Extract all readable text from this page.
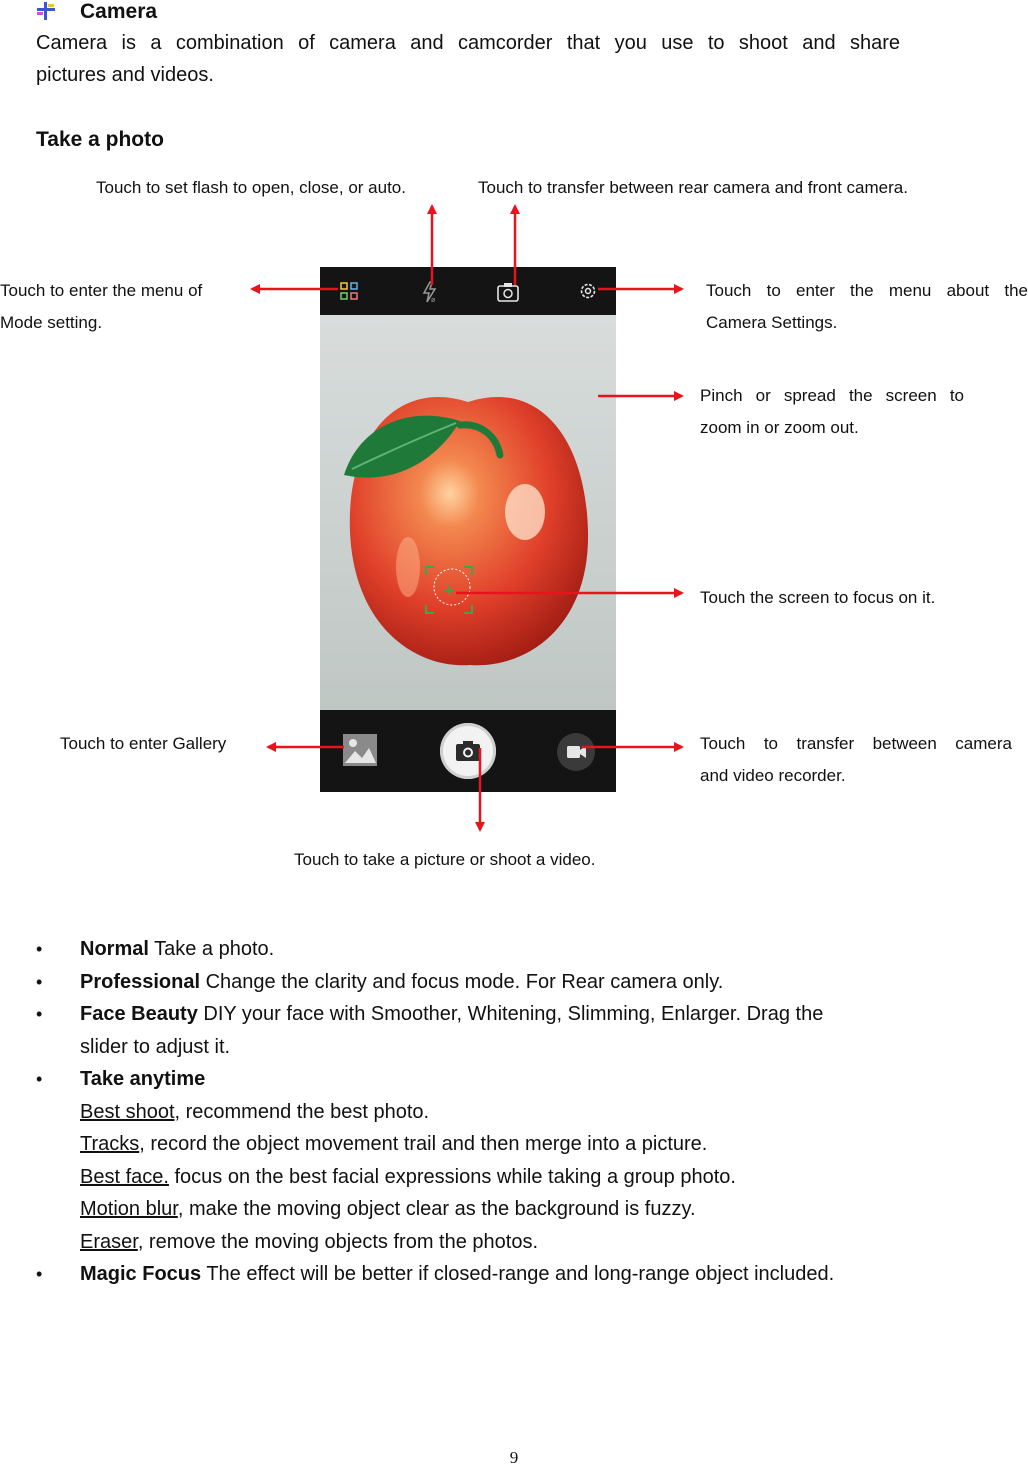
Camera
Camera is a combination of camera and camcorder that you use to shoot and share
pictures and videos.
Take a photo
Touch to set flash to open, close, or auto.	Touch to transfer between rear camera and front camera.
Touch to enter the menu of
Mode setting.
Touch to enter the menu about the
Camera Settings.
Pinch or spread the screen to
zoom in or zoom out.
Touch the screen to focus on it.
Touch to enter Gallery	Touch to transfer between camera
and video recorder.
Touch to take a picture or shoot a video.
ø
• Normal Take a photo.
• Professional Change the clarity and focus mode. For Rear camera only.
• Face Beauty DIY your face with Smoother, Whitening, Slimming, Enlarger. Drag the
slider to adjust it.
• Take anytime
Best shoot, recommend the best photo.
Tracks, record the object movement trail and then merge into a picture.
Best face. focus on the best facial expressions while taking a group photo.
Motion blur, make the moving object clear as the background is fuzzy.
Eraser, remove the moving objects from the photos.
• Magic Focus The effect will be better if closed-range and long-range object included.
9
